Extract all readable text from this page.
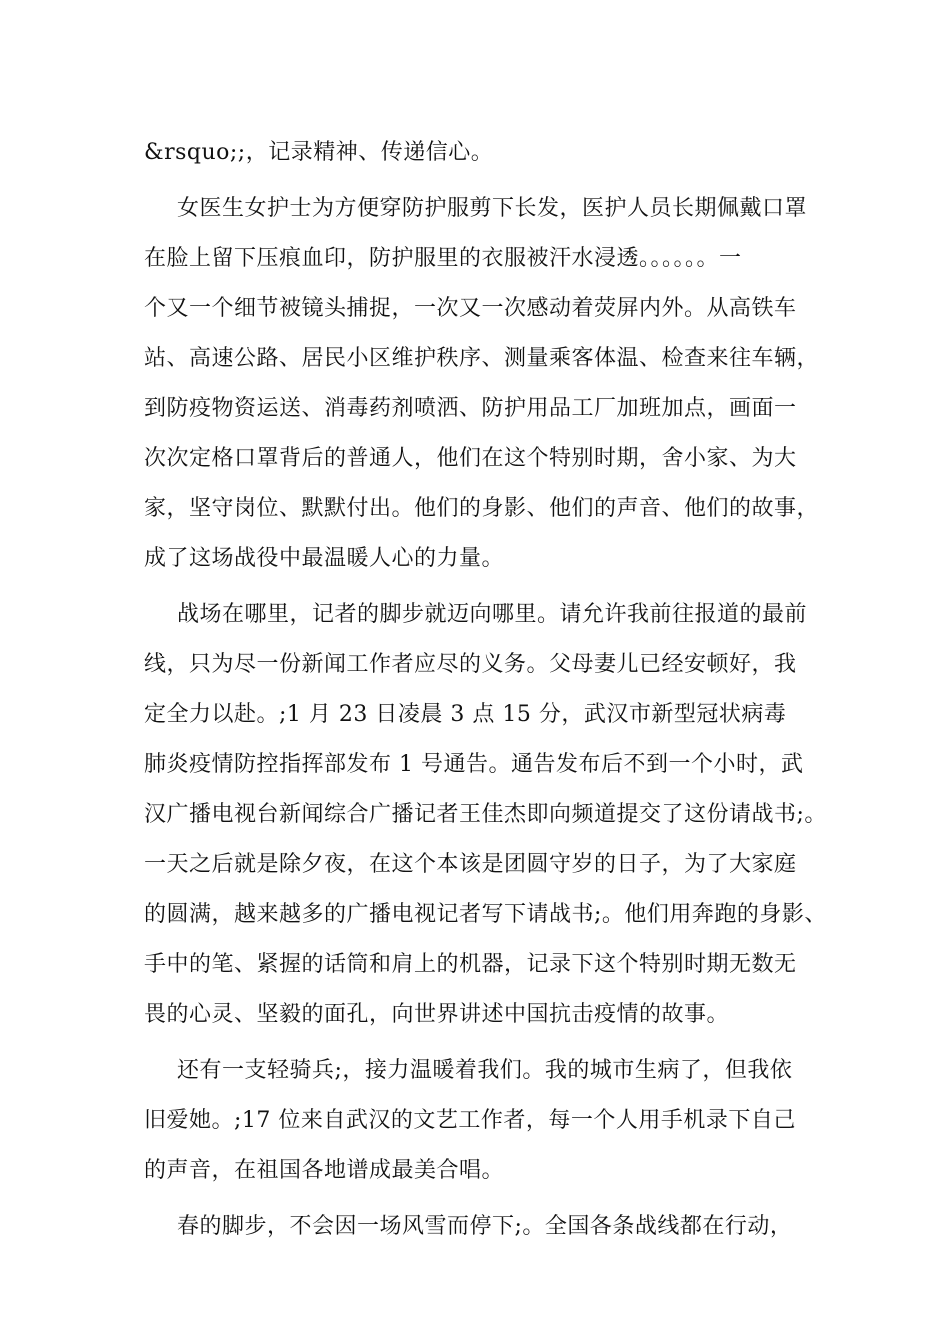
&rsquo;;，记录精神、传递信心。
女医生女护士为方便穿防护服剪下长发，医护人员长期佩戴口罩
在脸上留下压痕血印，防护服里的衣服被汗水浸透。。。。。。一
个又一个细节被镜头捕捉，一次又一次感动着荧屏内外。从高铁车
站、高速公路、居民小区维护秩序、测量乘客体温、检查来往车辆，
到防疫物资运送、消毒药剂喷洒、防护用品工厂加班加点，画面一
次次定格口罩背后的普通人，他们在这个特别时期，舍小家、为大
家，坚守岗位、默默付出。他们的身影、他们的声音、他们的故事，
成了这场战役中最温暖人心的力量。
战场在哪里，记者的脚步就迈向哪里。请允许我前往报道的最前
线，只为尽一份新闻工作者应尽的义务。父母妻儿已经安顿好，我
定全力以赴。;1 月 23 日凌晨 3 点 15 分，武汉市新型冠状病毒
肺炎疫情防控指挥部发布 1 号通告。通告发布后不到一个小时，武
汉广播电视台新闻综合广播记者王佳杰即向频道提交了这份请战书;。
一天之后就是除夕夜，在这个本该是团圆守岁的日子，为了大家庭
的圆满，越来越多的广播电视记者写下请战书;。他们用奔跑的身影、
手中的笔、紧握的话筒和肩上的机器，记录下这个特别时期无数无
畏的心灵、坚毅的面孔，向世界讲述中国抗击疫情的故事。
还有一支轻骑兵;，接力温暖着我们。我的城市生病了，但我依
旧爱她。;17 位来自武汉的文艺工作者，每一个人用手机录下自己
的声音，在祖国各地谱成最美合唱。
春的脚步，不会因一场风雪而停下;。全国各条战线都在行动，
